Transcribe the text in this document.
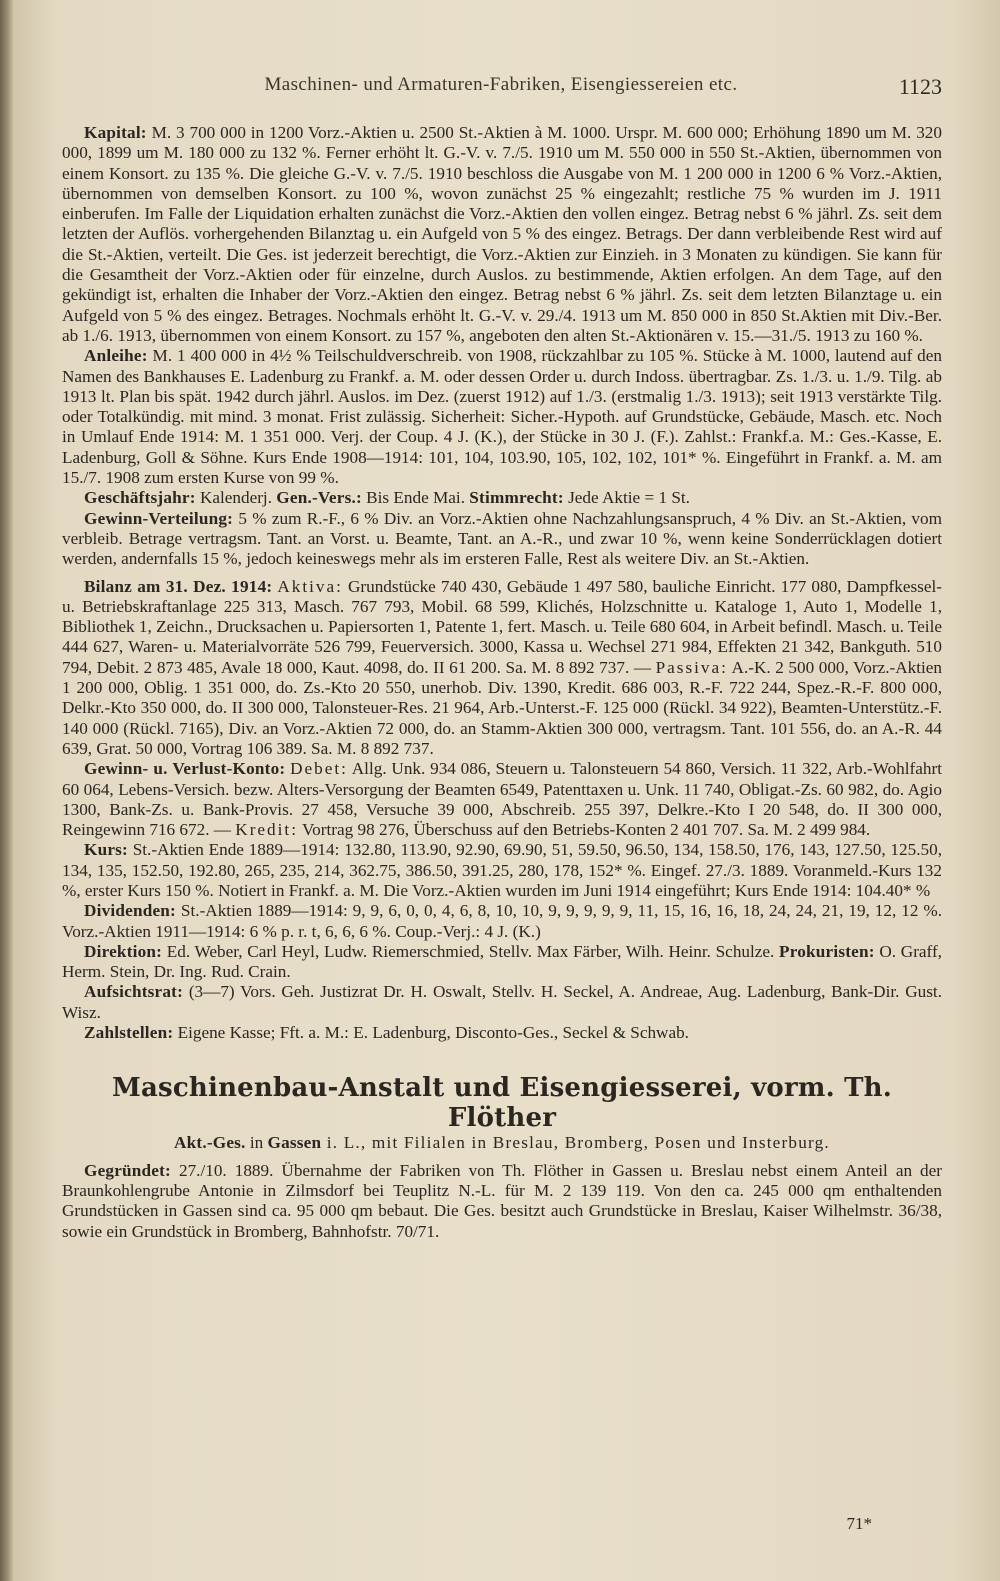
Maschinen- und Armaturen-Fabriken, Eisengiessereien etc.	1123

Kapital: M. 3 700 000 in 1200 Vorz.-Aktien u. 2500 St.-Aktien à M. 1000. Urspr. M. 600 000; Erhöhung 1890 um M. 320 000, 1899 um M. 180 000 zu 132 %. Ferner erhöht lt. G.-V. v. 7./5. 1910 um M. 550 000 in 550 St.-Aktien, übernommen von einem Konsort. zu 135 %. Die gleiche G.-V. v. 7./5. 1910 beschloss die Ausgabe von M. 1 200 000 in 1200 6 % Vorz.-Aktien, übernommen von demselben Konsort. zu 100 %, wovon zunächst 25 % eingezahlt; restliche 75 % wurden im J. 1911 einberufen. Im Falle der Liquidation erhalten zunächst die Vorz.-Aktien den vollen eingez. Betrag nebst 6 % jährl. Zs. seit dem letzten der Auflös. vorhergehenden Bilanztag u. ein Aufgeld von 5 % des eingez. Betrags. Der dann verbleibende Rest wird auf die St.-Aktien, verteilt. Die Ges. ist jederzeit berechtigt, die Vorz.-Aktien zur Einzieh. in 3 Monaten zu kündigen. Sie kann für die Gesamtheit der Vorz.-Aktien oder für einzelne, durch Auslos. zu bestimmende, Aktien erfolgen. An dem Tage, auf den gekündigt ist, erhalten die Inhaber der Vorz.-Aktien den eingez. Betrag nebst 6 % jährl. Zs. seit dem letzten Bilanztage u. ein Aufgeld von 5 % des eingez. Betrages. Nochmals erhöht lt. G.-V. v. 29./4. 1913 um M. 850 000 in 850 St.Aktien mit Div.-Ber. ab 1./6. 1913, übernommen von einem Konsort. zu 157 %, angeboten den alten St.-Aktionären v. 15.—31./5. 1913 zu 160 %.

Anleihe: M. 1 400 000 in 4½ % Teilschuldverschreib. von 1908, rückzahlbar zu 105 %. Stücke à M. 1000, lautend auf den Namen des Bankhauses E. Ladenburg zu Frankf. a. M. oder dessen Order u. durch Indoss. übertragbar. Zs. 1./3. u. 1./9. Tilg. ab 1913 lt. Plan bis spät. 1942 durch jährl. Auslos. im Dez. (zuerst 1912) auf 1./3. (erstmalig 1./3. 1913); seit 1913 verstärkte Tilg. oder Totalkündig. mit mind. 3 monat. Frist zulässig. Sicherheit: Sicher.-Hypoth. auf Grundstücke, Gebäude, Masch. etc. Noch in Umlauf Ende 1914: M. 1 351 000. Verj. der Coup. 4 J. (K.), der Stücke in 30 J. (F.). Zahlst.: Frankf.a. M.: Ges.-Kasse, E. Ladenburg, Goll & Söhne. Kurs Ende 1908—1914: 101, 104, 103.90, 105, 102, 102, 101* %. Eingeführt in Frankf. a. M. am 15./7. 1908 zum ersten Kurse von 99 %.

Geschäftsjahr: Kalenderj. Gen.-Vers.: Bis Ende Mai. Stimmrecht: Jede Aktie = 1 St.

Gewinn-Verteilung: 5 % zum R.-F., 6 % Div. an Vorz.-Aktien ohne Nachzahlungsanspruch, 4 % Div. an St.-Aktien, vom verbleib. Betrage vertragsm. Tant. an Vorst. u. Beamte, Tant. an A.-R., und zwar 10 %, wenn keine Sonderrücklagen dotiert werden, andernfalls 15 %, jedoch keineswegs mehr als im ersteren Falle, Rest als weitere Div. an St.-Aktien.

Bilanz am 31. Dez. 1914: Aktiva: Grundstücke 740 430, Gebäude 1 497 580, bauliche Einricht. 177 080, Dampfkessel- u. Betriebskraftanlage 225 313, Masch. 767 793, Mobil. 68 599, Klichés, Holzschnitte u. Kataloge 1, Auto 1, Modelle 1, Bibliothek 1, Zeichn., Drucksachen u. Papiersorten 1, Patente 1, fert. Masch. u. Teile 680 604, in Arbeit befindl. Masch. u. Teile 444 627, Waren- u. Materialvorräte 526 799, Feuerversich. 3000, Kassa u. Wechsel 271 984, Effekten 21 342, Bankguth. 510 794, Debit. 2 873 485, Avale 18 000, Kaut. 4098, do. II 61 200. Sa. M. 8 892 737. — Passiva: A.-K. 2 500 000, Vorz.-Aktien 1 200 000, Oblig. 1 351 000, do. Zs.-Kto 20 550, unerhob. Div. 1390, Kredit. 686 003, R.-F. 722 244, Spez.-R.-F. 800 000, Delkr.-Kto 350 000, do. II 300 000, Talonsteuer-Res. 21 964, Arb.-Unterst.-F. 125 000 (Rückl. 34 922), Beamten-Unterstütz.-F. 140 000 (Rückl. 7165), Div. an Vorz.-Aktien 72 000, do. an Stamm-Aktien 300 000, vertragsm. Tant. 101 556, do. an A.-R. 44 639, Grat. 50 000, Vortrag 106 389. Sa. M. 8 892 737.

Gewinn- u. Verlust-Konto: Debet: Allg. Unk. 934 086, Steuern u. Talonsteuern 54 860, Versich. 11 322, Arb.-Wohlfahrt 60 064, Lebens-Versich. bezw. Alters-Versorgung der Beamten 6549, Patenttaxen u. Unk. 11 740, Obligat.-Zs. 60 982, do. Agio 1300, Bank-Zs. u. Bank-Provis. 27 458, Versuche 39 000, Abschreib. 255 397, Delkre.-Kto I 20 548, do. II 300 000, Reingewinn 716 672. — Kredit: Vortrag 98 276, Überschuss auf den Betriebs-Konten 2 401 707. Sa. M. 2 499 984.

Kurs: St.-Aktien Ende 1889—1914: 132.80, 113.90, 92.90, 69.90, 51, 59.50, 96.50, 134, 158.50, 176, 143, 127.50, 125.50, 134, 135, 152.50, 192.80, 265, 235, 214, 362.75, 386.50, 391.25, 280, 178, 152* %. Eingef. 27./3. 1889. Voranmeld.-Kurs 132 %, erster Kurs 150 %. Notiert in Frankf. a. M. Die Vorz.-Aktien wurden im Juni 1914 eingeführt; Kurs Ende 1914: 104.40* %

Dividenden: St.-Aktien 1889—1914: 9, 9, 6, 0, 0, 4, 6, 8, 10, 10, 9, 9, 9, 9, 9, 11, 15, 16, 16, 18, 24, 24, 21, 19, 12, 12 %. Vorz.-Aktien 1911—1914: 6 % p. r. t, 6, 6, 6 %. Coup.-Verj.: 4 J. (K.)

Direktion: Ed. Weber, Carl Heyl, Ludw. Riemerschmied, Stellv. Max Färber, Wilh. Heinr. Schulze. Prokuristen: O. Graff, Herm. Stein, Dr. Ing. Rud. Crain.

Aufsichtsrat: (3—7) Vors. Geh. Justizrat Dr. H. Oswalt, Stellv. H. Seckel, A. Andreae, Aug. Ladenburg, Bank-Dir. Gust. Wisz.

Zahlstellen: Eigene Kasse; Fft. a. M.: E. Ladenburg, Disconto-Ges., Seckel & Schwab.

Maschinenbau-Anstalt und Eisengiesserei, vorm. Th. Flöther

Akt.-Ges. in Gassen i. L., mit Filialen in Breslau, Bromberg, Posen und Insterburg.

Gegründet: 27./10. 1889. Übernahme der Fabriken von Th. Flöther in Gassen u. Breslau nebst einem Anteil an der Braunkohlengrube Antonie in Zilmsdorf bei Teuplitz N.-L. für M. 2 139 119. Von den ca. 245 000 qm enthaltenden Grundstücken in Gassen sind ca. 95 000 qm bebaut. Die Ges. besitzt auch Grundstücke in Breslau, Kaiser Wilhelmstr. 36/38, sowie ein Grundstück in Bromberg, Bahnhofstr. 70/71.

71*
